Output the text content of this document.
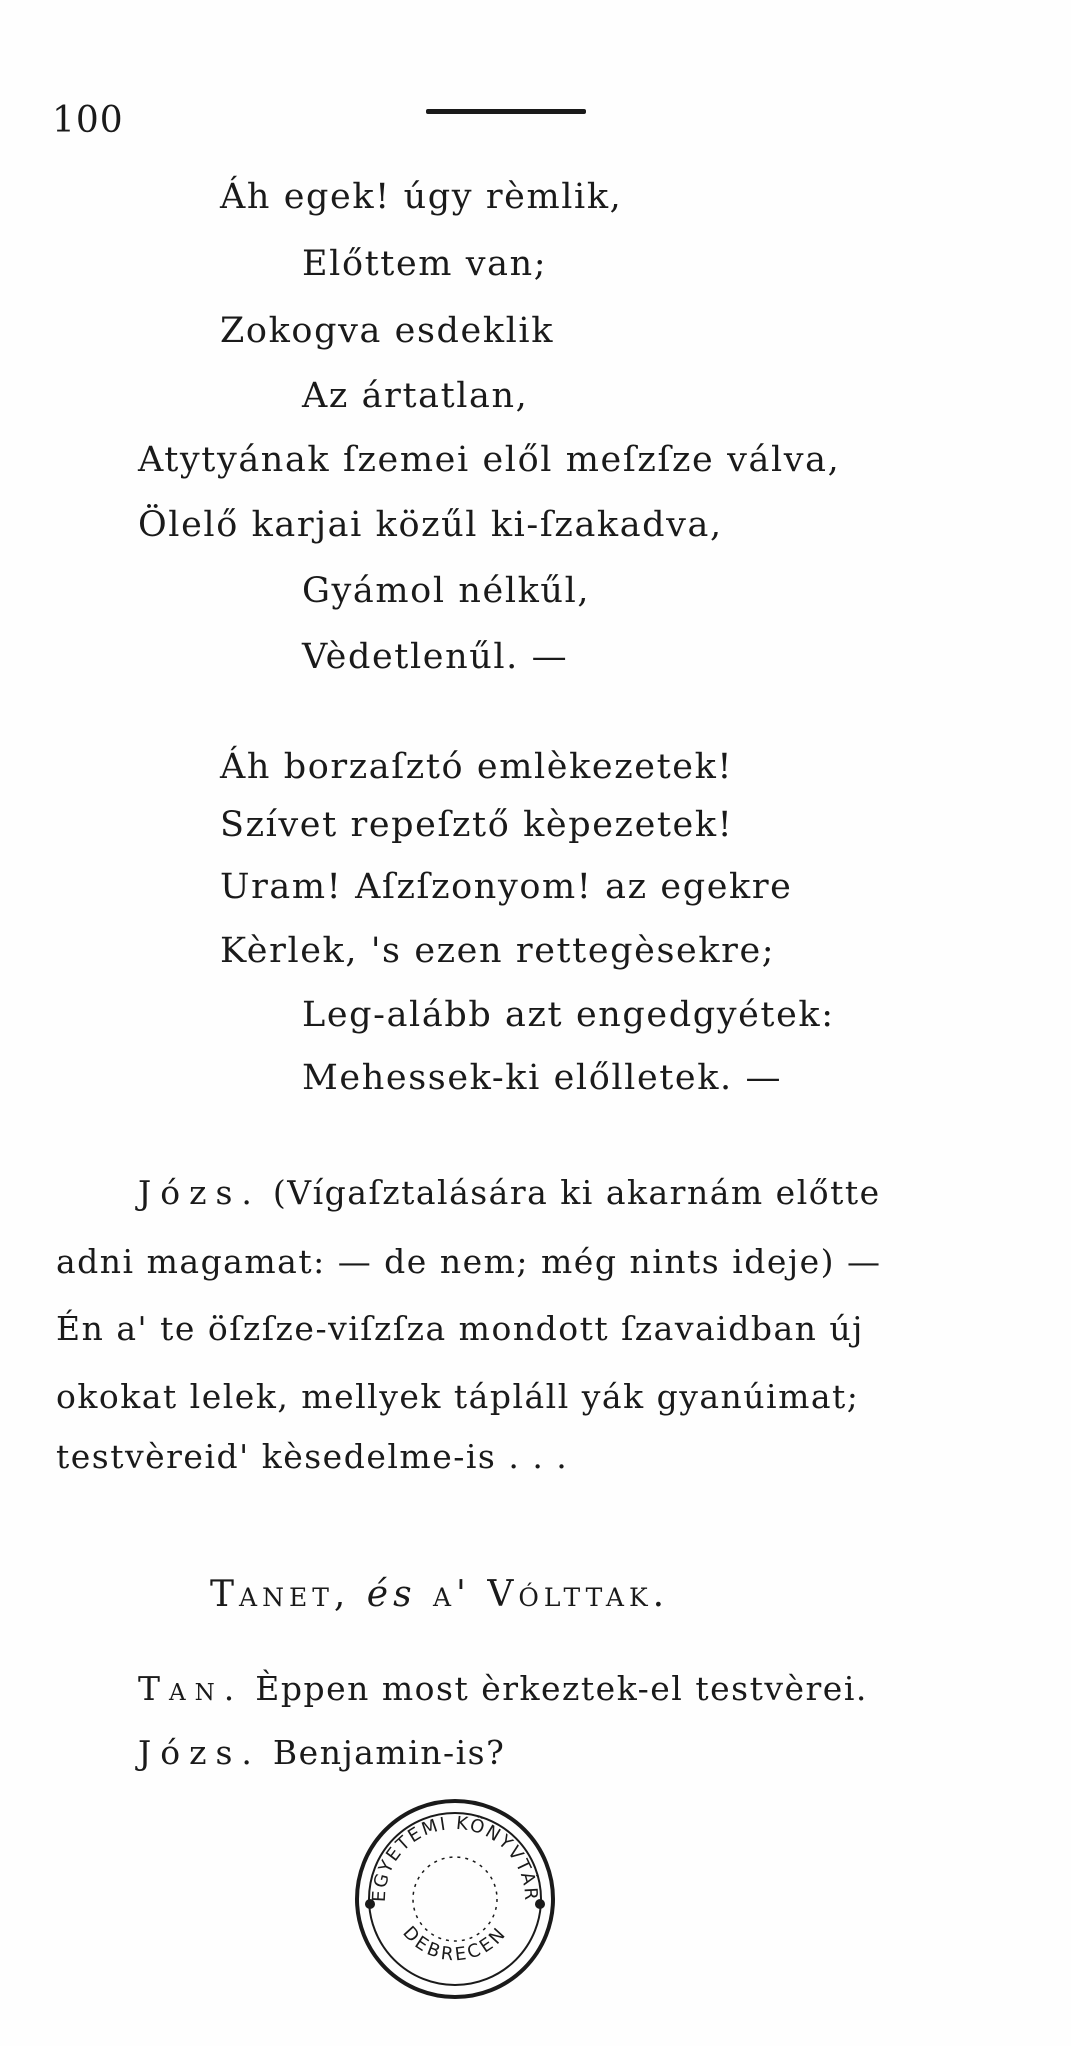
100
Áh egek! úgy rèmlik,
Előttem van;
Zokogva esdeklik
Az ártatlan,
Atytyának ſzemei elől meſzſze válva,
Ölelő karjai közűl ki-ſzakadva,
Gyámol nélkűl,
Vèdetlenűl. —
Áh borzaſztó emlèkezetek!
Szívet repeſztő kèpezetek!
Uram! Aſzſzonyom! az egekre
Kèrlek, 's ezen rettegèsekre;
Leg-alább azt engedgyétek:
Mehessek-ki előlletek. —
Józs. (Vígaſztalására ki akarnám előtte
adni magamat: — de nem; még nints ideje) —
Én a' te öſzſze-viſzſza mondott ſzavaidban új
okokat lelek, mellyek tápláll yák gyanúimat;
testvèreid' kèsedelme-is . . .
Tanet, és a' Vólttak.
Tan. Èppen most èrkeztek-el testvèrei.
Józs. Benjamin-is?
EGYETEMI KÖNYVTÁR
DEBRECEN
